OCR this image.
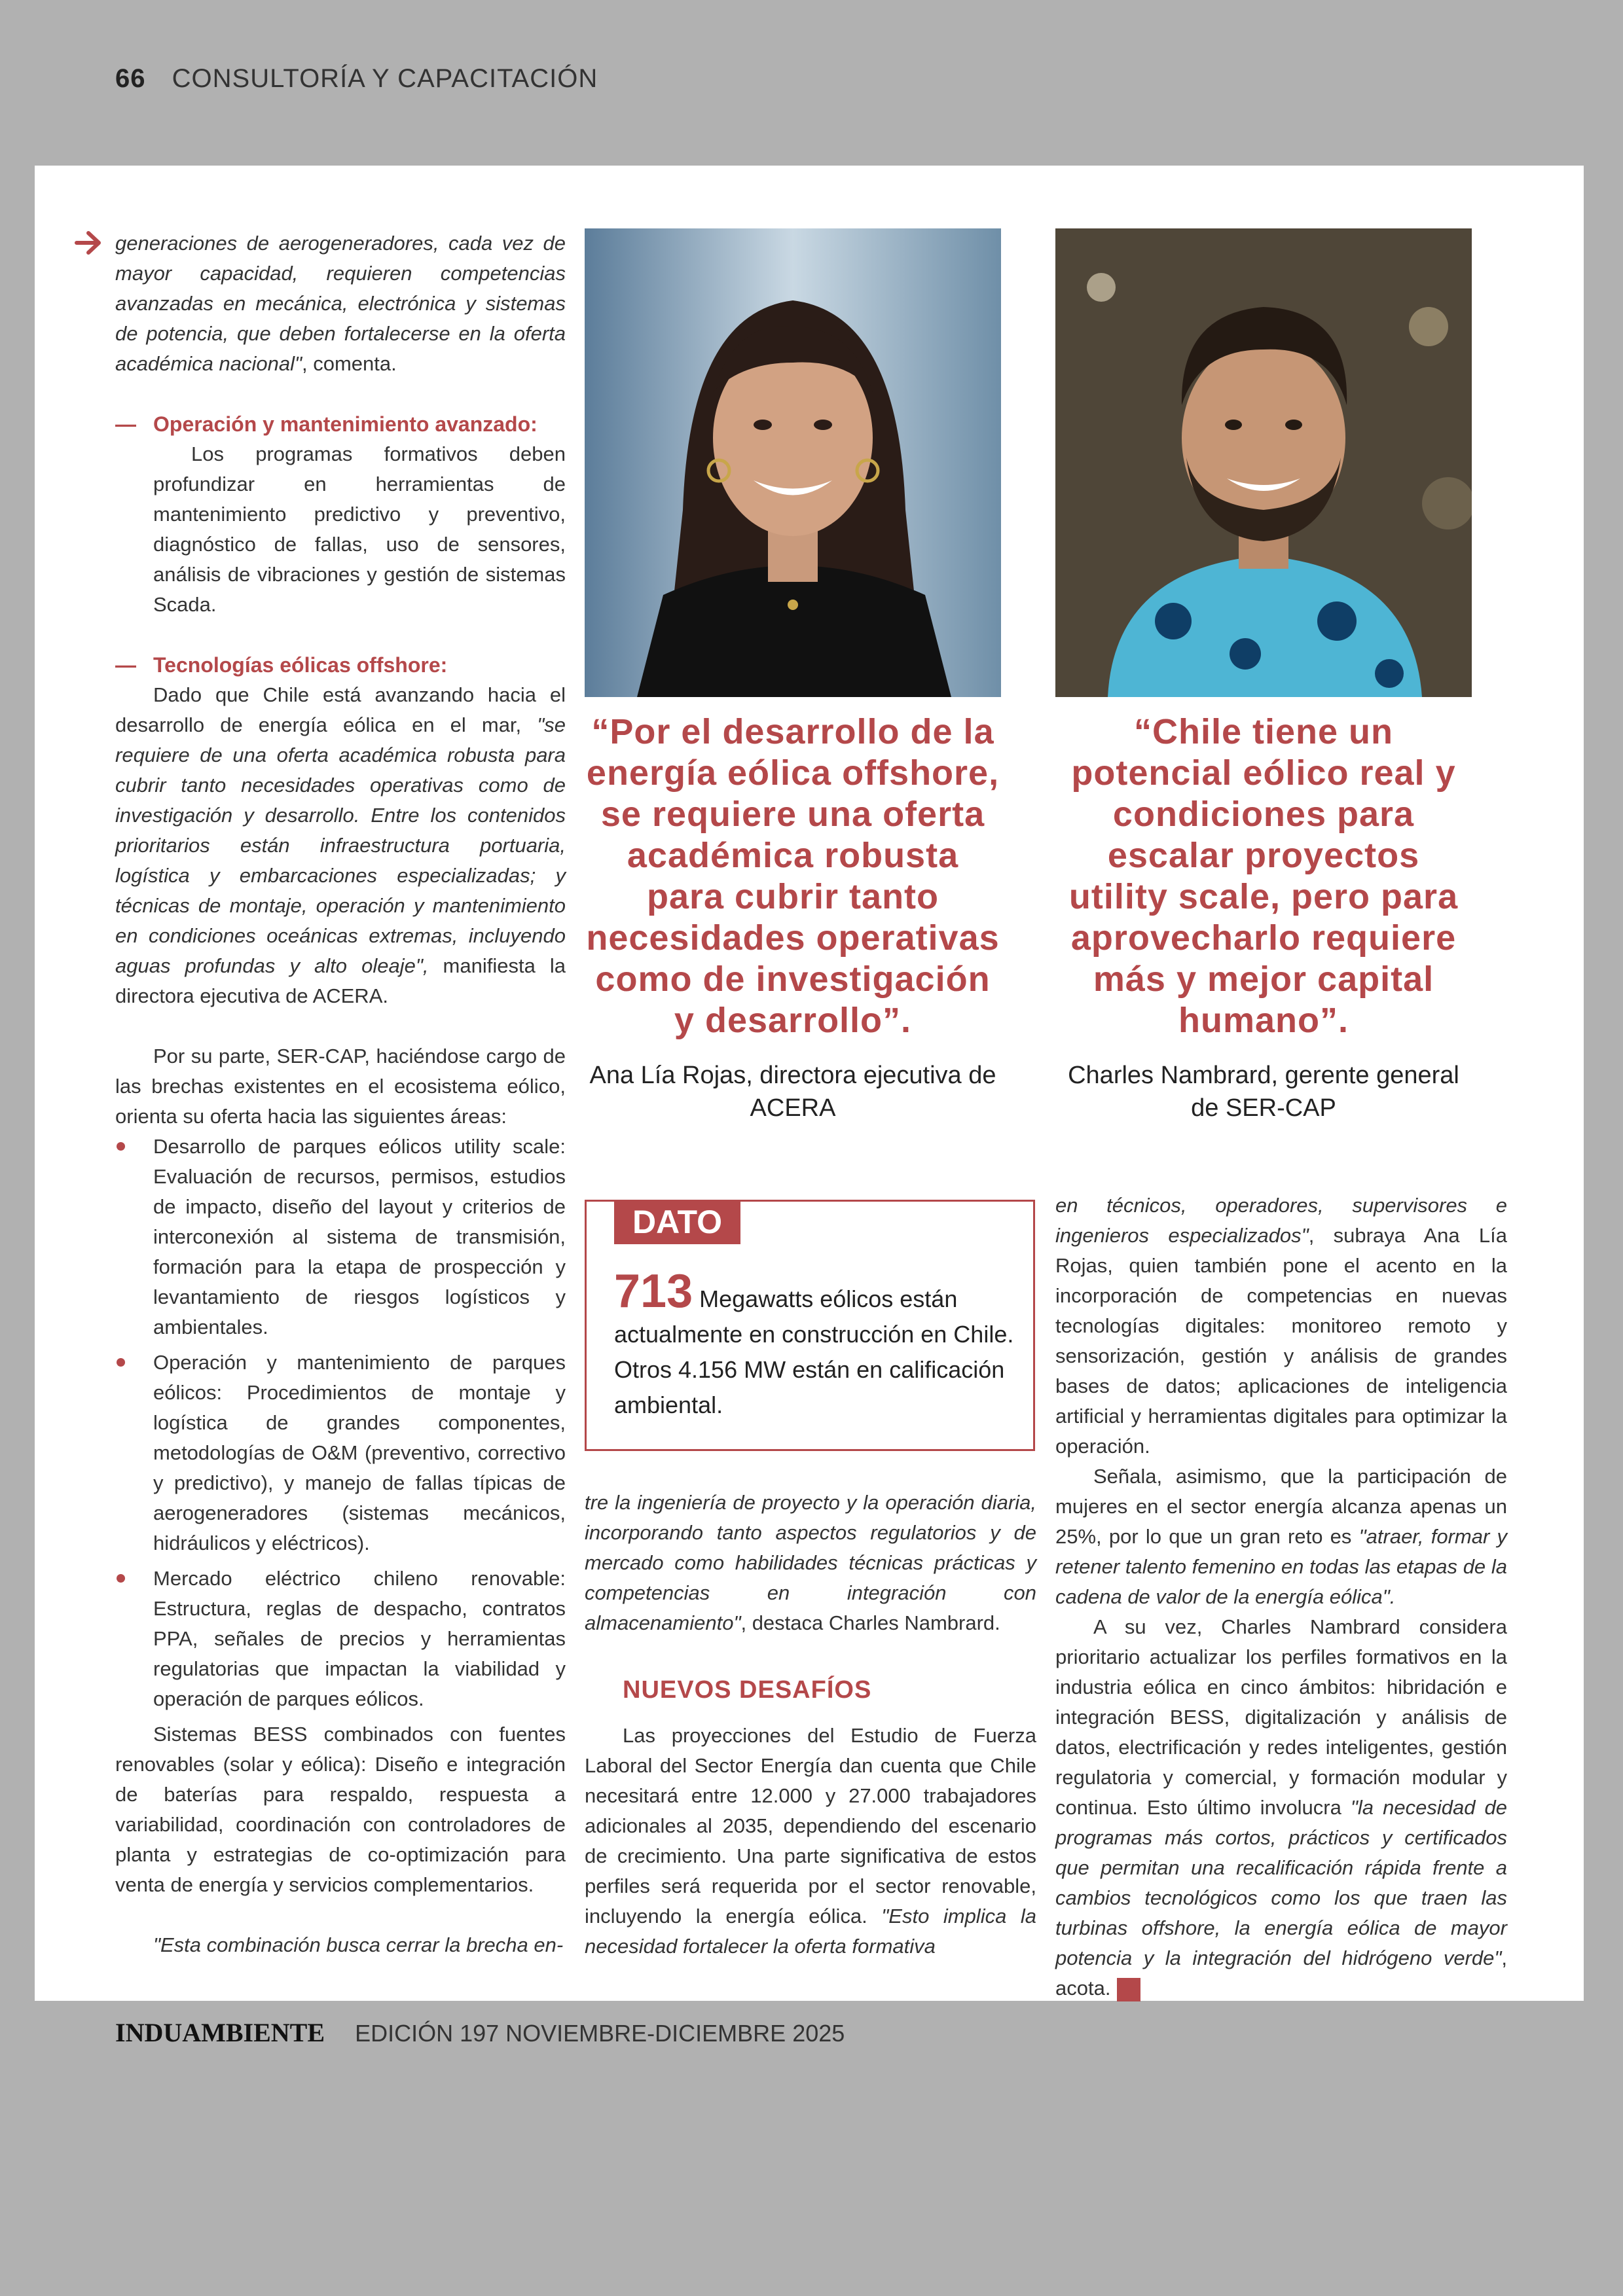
66 CONSULTORÍA Y CAPACITACIÓN

generaciones de aerogeneradores, cada vez de mayor capacidad, requieren competencias avanzadas en mecánica, electrónica y sistemas de potencia, que deben fortalecerse en la oferta académica nacional", comenta.

— Operación y mantenimiento avanzado:

Los programas formativos deben profundizar en herramientas de mantenimiento predictivo y preventivo, diagnóstico de fallas, uso de sensores, análisis de vibraciones y gestión de sistemas Scada.

— Tecnologías eólicas offshore:

Dado que Chile está avanzando hacia el desarrollo de energía eólica en el mar, "se requiere de una oferta académica robusta para cubrir tanto necesidades operativas como de investigación y desarrollo. Entre los contenidos prioritarios están infraestructura portuaria, logística y embarcaciones especializadas; y técnicas de montaje, operación y mantenimiento en condiciones oceánicas extremas, incluyendo aguas profundas y alto oleaje", manifiesta la directora ejecutiva de ACERA.

Por su parte, SER-CAP, haciéndose cargo de las brechas existentes en el ecosistema eólico, orienta su oferta hacia las siguientes áreas:

Desarrollo de parques eólicos utility scale: Evaluación de recursos, permisos, estudios de impacto, diseño del layout y criterios de interconexión al sistema de transmisión, formación para la etapa de prospección y levantamiento de riesgos logísticos y ambientales.
Operación y mantenimiento de parques eólicos: Procedimientos de montaje y logística de grandes componentes, metodologías de O&M (preventivo, correctivo y predictivo), y manejo de fallas típicas de aerogeneradores (sistemas mecánicos, hidráulicos y eléctricos).
Mercado eléctrico chileno renovable: Estructura, reglas de despacho, contratos PPA, señales de precios y herramientas regulatorias que impactan la viabilidad y operación de parques eólicos.

Sistemas BESS combinados con fuentes renovables (solar y eólica): Diseño e integración de baterías para respaldo, respuesta a variabilidad, coordinación con controladores de planta y estrategias de co-optimización para venta de energía y servicios complementarios.

"Esta combinación busca cerrar la brecha en-

“Por el desarrollo de la energía eólica offshore, se requiere una oferta académica robusta para cubrir tanto necesidades operativas como de investigación y desarrollo”.
Ana Lía Rojas, directora ejecutiva de ACERA
“Chile tiene un potencial eólico real y condiciones para escalar proyectos utility scale, pero para aprovecharlo requiere más y mejor capital humano”.
Charles Nambrard, gerente general de SER-CAP
DATO
713 Megawatts eólicos están actualmente en construcción en Chile. Otros 4.156 MW están en calificación ambiental.

tre la ingeniería de proyecto y la operación diaria, incorporando tanto aspectos regulatorios y de mercado como habilidades técnicas prácticas y competencias en integración con almacenamiento", destaca Charles Nambrard.

NUEVOS DESAFÍOS

Las proyecciones del Estudio de Fuerza Laboral del Sector Energía dan cuenta que Chile necesitará entre 12.000 y 27.000 trabajadores adicionales al 2035, dependiendo del escenario de crecimiento. Una parte significativa de estos perfiles será requerida por el sector renovable, incluyendo la energía eólica. "Esto implica la necesidad fortalecer la oferta formativa

en técnicos, operadores, supervisores e ingenieros especializados", subraya Ana Lía Rojas, quien también pone el acento en la incorporación de competencias en nuevas tecnologías digitales: monitoreo remoto y sensorización, gestión y análisis de grandes bases de datos; aplicaciones de inteligencia artificial y herramientas digitales para optimizar la operación.

Señala, asimismo, que la participación de mujeres en el sector energía alcanza apenas un 25%, por lo que un gran reto es "atraer, formar y retener talento femenino en todas las etapas de la cadena de valor de la energía eólica".

A su vez, Charles Nambrard considera prioritario actualizar los perfiles formativos en la industria eólica en cinco ámbitos: hibridación e integración BESS, digitalización y análisis de datos, electrificación y redes inteligentes, gestión regulatoria y comercial, y formación modular y continua. Esto último involucra "la necesidad de programas más cortos, prácticos y certificados que permitan una recalificación rápida frente a cambios tecnológicos como los que traen las turbinas offshore, la energía eólica de mayor potencia y la integración del hidrógeno verde", acota.	IA

INDUAMBIENTE EDICIÓN 197 NOVIEMBRE-DICIEMBRE 2025
